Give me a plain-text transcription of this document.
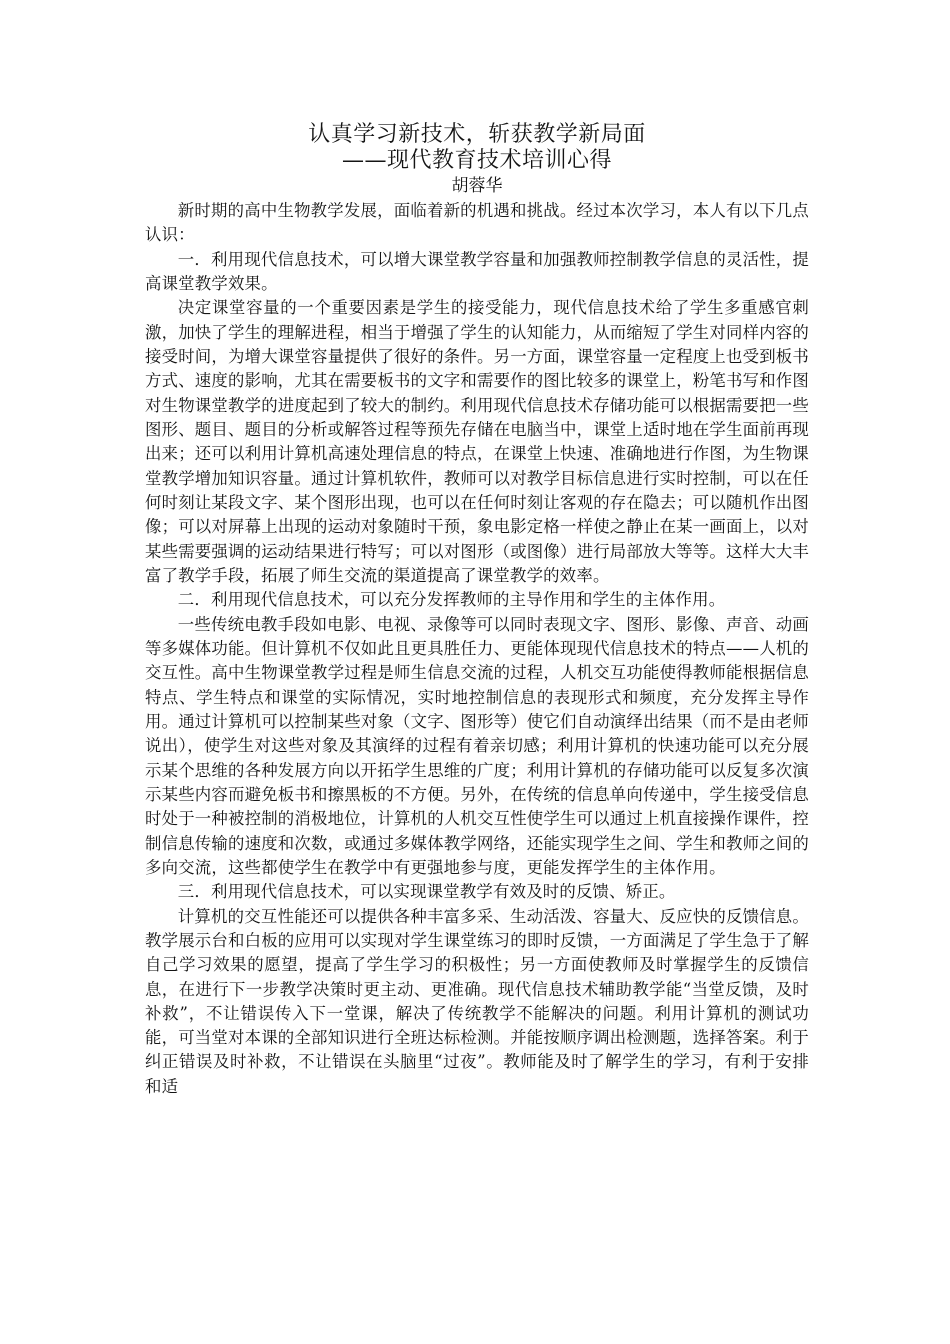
认真学习新技术，斩获教学新局面
——现代教育技术培训心得
胡蓉华

新时期的高中生物教学发展，面临着新的机遇和挑战。经过本次学习，本人有以下几点认识：

一．利用现代信息技术，可以增大课堂教学容量和加强教师控制教学信息的灵活性，提高课堂教学效果。

决定课堂容量的一个重要因素是学生的接受能力，现代信息技术给了学生多重感官刺激，加快了学生的理解进程，相当于增强了学生的认知能力，从而缩短了学生对同样内容的接受时间，为增大课堂容量提供了很好的条件。另一方面，课堂容量一定程度上也受到板书方式、速度的影响，尤其在需要板书的文字和需要作的图比较多的课堂上，粉笔书写和作图对生物课堂教学的进度起到了较大的制约。利用现代信息技术存储功能可以根据需要把一些图形、题目、题目的分析或解答过程等预先存储在电脑当中，课堂上适时地在学生面前再现出来；还可以利用计算机高速处理信息的特点，在课堂上快速、准确地进行作图，为生物课堂教学增加知识容量。通过计算机软件，教师可以对教学目标信息进行实时控制，可以在任何时刻让某段文字、某个图形出现，也可以在任何时刻让客观的存在隐去；可以随机作出图像；可以对屏幕上出现的运动对象随时干预，象电影定格一样使之静止在某一画面上，以对某些需要强调的运动结果进行特写；可以对图形（或图像）进行局部放大等等。这样大大丰富了教学手段，拓展了师生交流的渠道提高了课堂教学的效率。

二．利用现代信息技术，可以充分发挥教师的主导作用和学生的主体作用。

一些传统电教手段如电影、电视、录像等可以同时表现文字、图形、影像、声音、动画等多媒体功能。但计算机不仅如此且更具胜任力、更能体现现代信息技术的特点——人机的交互性。高中生物课堂教学过程是师生信息交流的过程，人机交互功能使得教师能根据信息特点、学生特点和课堂的实际情况，实时地控制信息的表现形式和频度，充分发挥主导作用。通过计算机可以控制某些对象（文字、图形等）使它们自动演绎出结果（而不是由老师说出），使学生对这些对象及其演绎的过程有着亲切感；利用计算机的快速功能可以充分展示某个思维的各种发展方向以开拓学生思维的广度；利用计算机的存储功能可以反复多次演示某些内容而避免板书和擦黑板的不方便。另外，在传统的信息单向传递中，学生接受信息时处于一种被控制的消极地位，计算机的人机交互性使学生可以通过上机直接操作课件，控制信息传输的速度和次数，或通过多媒体教学网络，还能实现学生之间、学生和教师之间的多向交流，这些都使学生在教学中有更强地参与度，更能发挥学生的主体作用。

三．利用现代信息技术，可以实现课堂教学有效及时的反馈、矫正。

计算机的交互性能还可以提供各种丰富多采、生动活泼、容量大、反应快的反馈信息。教学展示台和白板的应用可以实现对学生课堂练习的即时反馈，一方面满足了学生急于了解自己学习效果的愿望，提高了学生学习的积极性；另一方面使教师及时掌握学生的反馈信息，在进行下一步教学决策时更主动、更准确。现代信息技术辅助教学能“当堂反馈，及时补救”，不让错误传入下一堂课，解决了传统教学不能解决的问题。利用计算机的测试功能，可当堂对本课的全部知识进行全班达标检测。并能按顺序调出检测题，选择答案。利于纠正错误及时补救，不让错误在头脑里“过夜”。教师能及时了解学生的学习，有利于安排和适
